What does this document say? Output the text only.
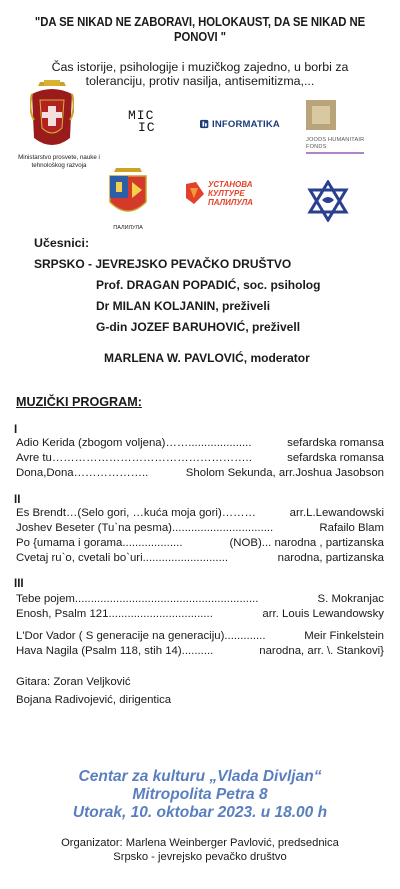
"DA SE NIKAD NE ZABORAVI, HOLOKAUST, DA SE NIKAD NE PONOVI "
Čas istorije, psihologije i muzičkog zajedno, u borbi za toleranciju, protiv nasilja, antisemitizma,...
Ministarstvo prosvete, nauke i tehnološkog razvoja
MIC
IC	INFORMATIKA
JOODS HUMANITAIR FONDS
ПАЛИЛУЛА
УСТАНОВА КУЛТУРЕ ПАЛИЛУЛА
Učesnici:
SRPSKO - JEVREJSKO PEVAČKO DRUŠTVO
Prof. DRAGAN POPADIĆ, soc. psiholog
Dr MILAN KOLJANIN, preživeli
G-din JOZEF BARUHOVIĆ, preživell
MARLENA W. PAVLOVIĆ, moderator
MUZIČKI PROGRAM:
I
Adio Kerida (zbogom voljena) ……....................	sefardska romansa
Avre tu ……………………………………………..	sefardska romansa
Dona,Dona ………………..	Sholom Sekunda, arr.Joshua Jasobson
II
Es Brendt…(Selo gori, …kuća moja gori) ………	arr.L.Lewandowski
Joshev Beseter (Tu`na pesma) ................................	Rafailo Blam
Po {umama i gorama ...................	(NOB)... narodna , partizanska
Cvetaj ru`o, cvetali bo`uri ...........................	narodna, partizanska
III
Tebe pojem ..........................................................	S. Mokranjac
Enosh, Psalm 121 .................................	arr. Louis Lewandowsky
L'Dor Vador ( S generacije na generaciju) .............	Meir Finkelstein
Hava Nagila (Psalm 118, stih 14) ..........	narodna, arr. \. Stankovi}
Gitara: Zoran Veljković
Bojana Radivojević, dirigentica
Centar za kulturu „Vlada Divljan“
Mitropolita Petra 8
Utorak, 10. oktobar 2023. u 18.00 h
Organizator: Marlena Weinberger Pavlović, predsednica
Srpsko - jevrejsko pevačko društvo
